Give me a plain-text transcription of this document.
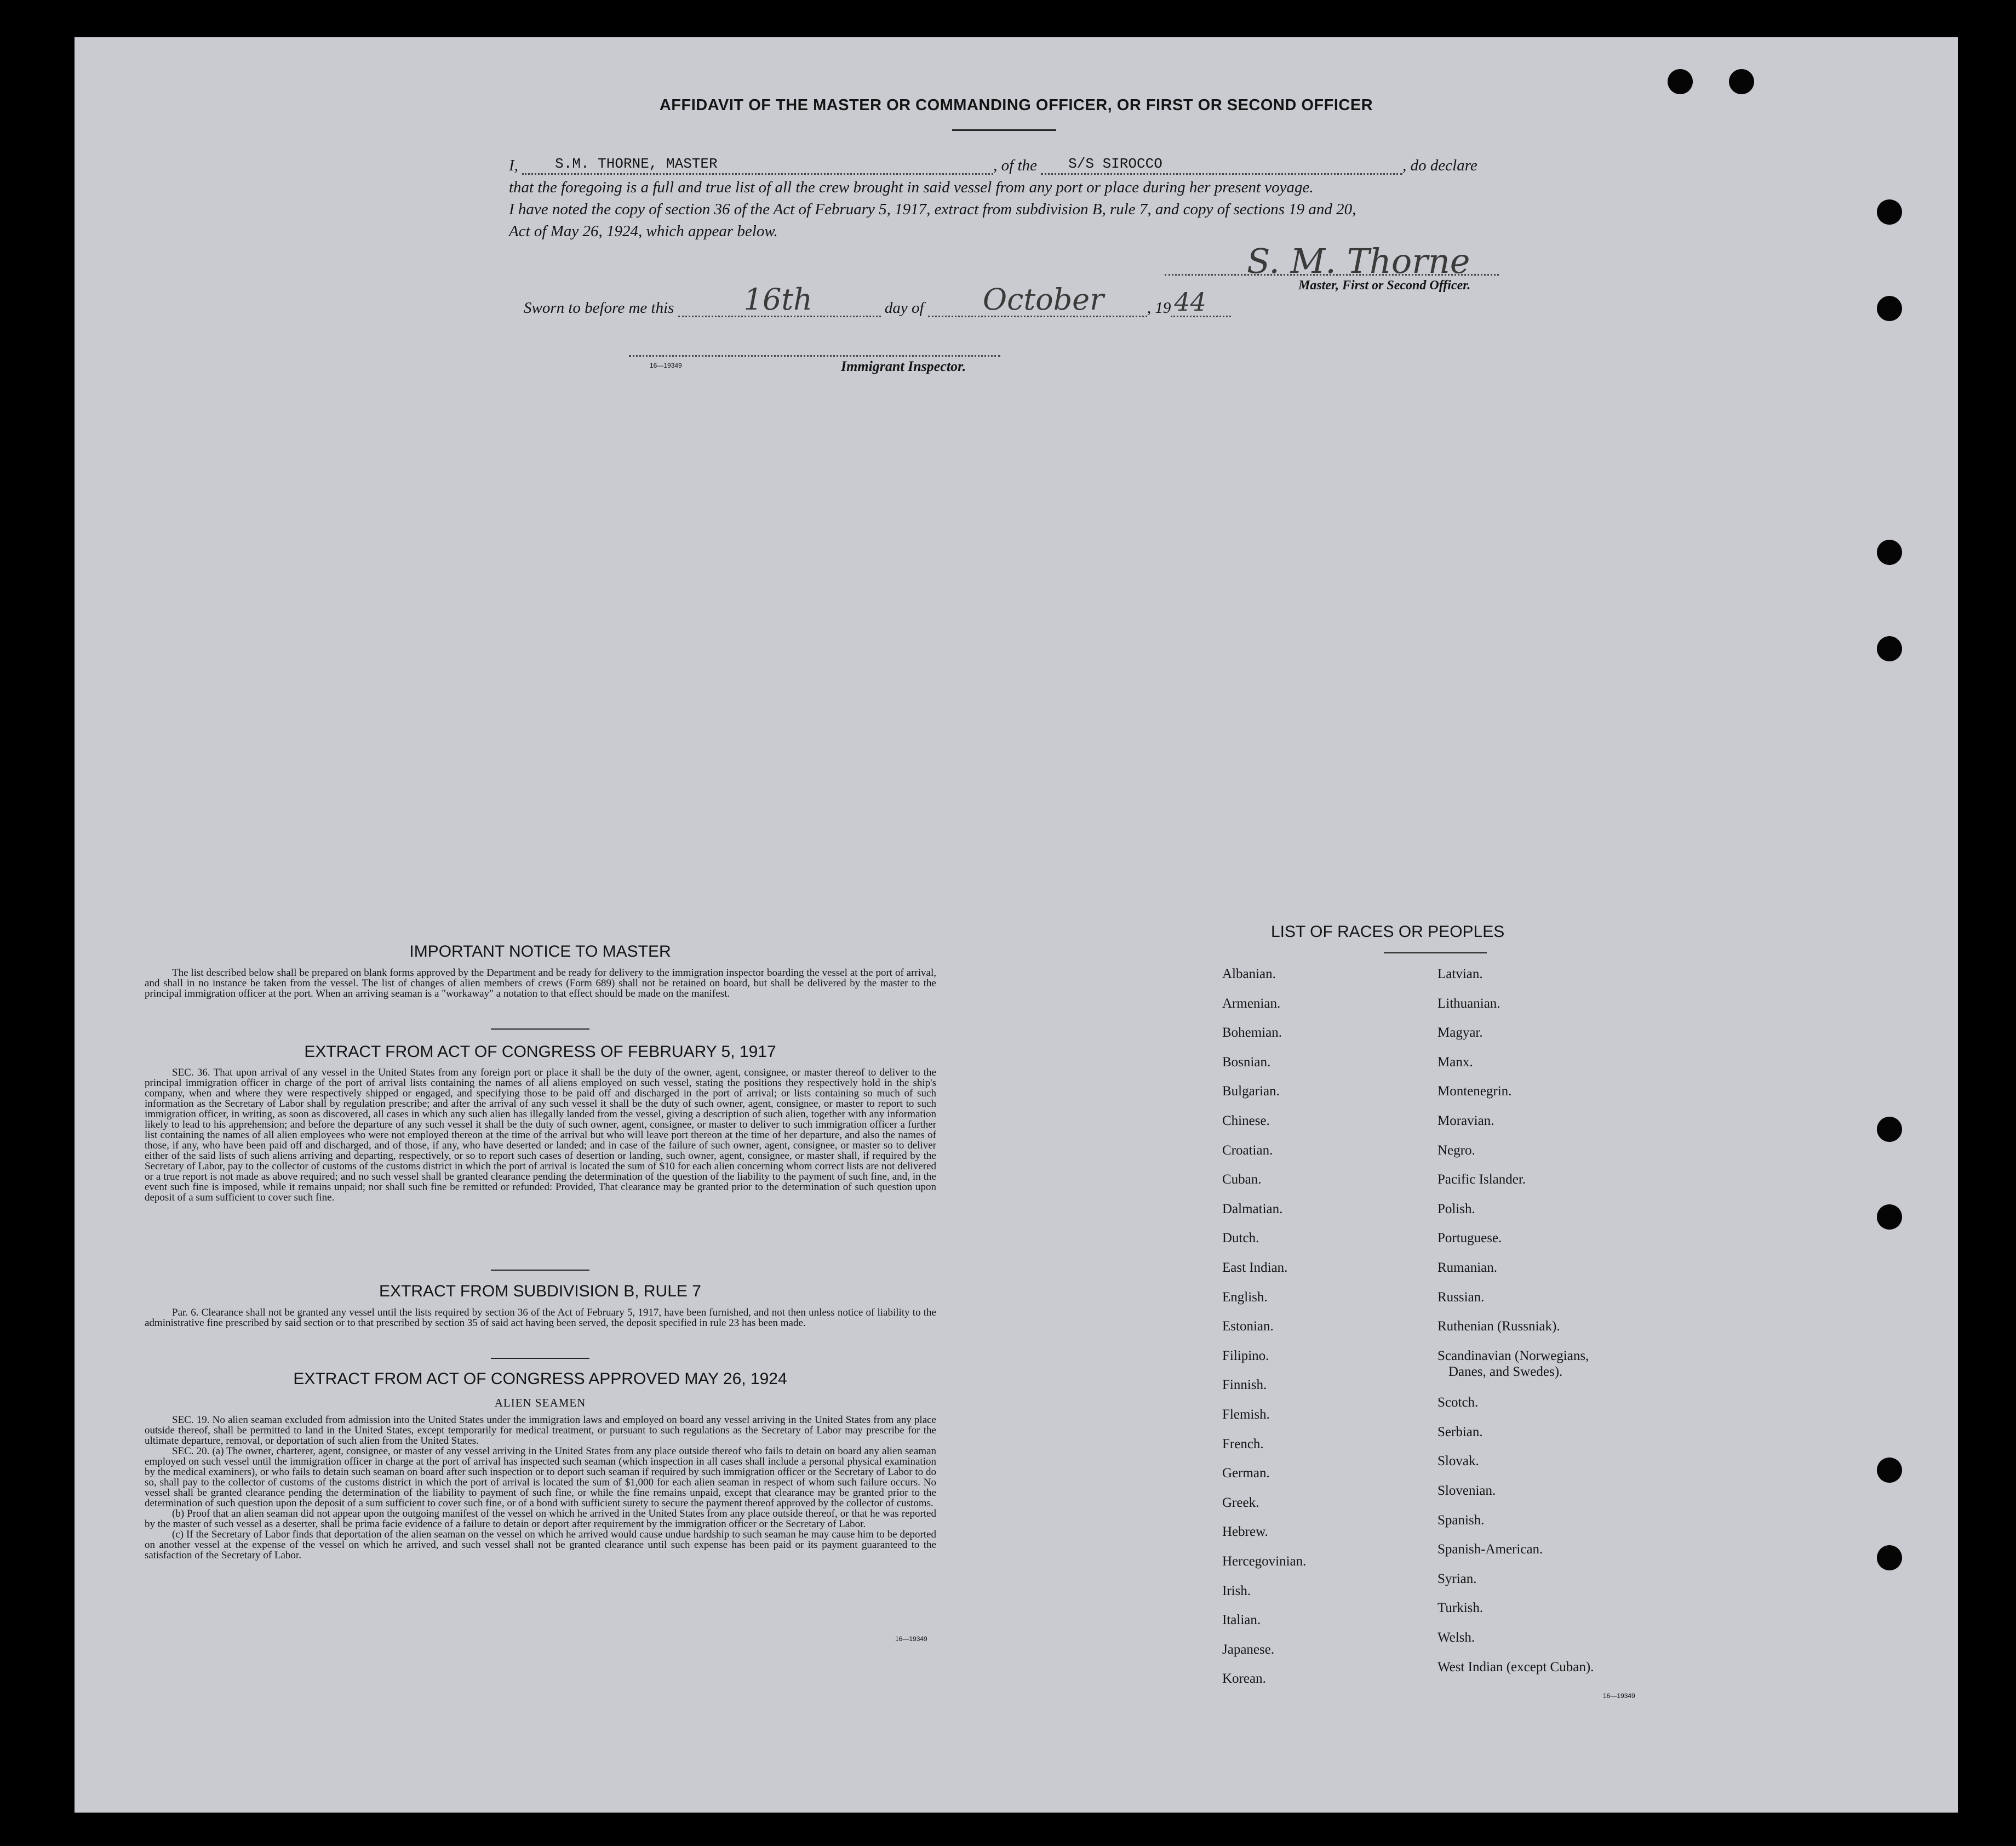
AFFIDAVIT OF THE MASTER OR COMMANDING OFFICER, OR FIRST OR SECOND OFFICER
I,	S.M. THORNE, MASTER	, of the S/S SIROCCO	, do declare
that the foregoing is a full and true list of all the crew brought in said vessel from any port or place during her present voyage.
I have noted the copy of section 36 of the Act of February 5, 1917, extract from subdivision B, rule 7, and copy of sections 19 and 20,
Act of May 26, 1924, which appear below.
S. M. Thorne
Master, First or Second Officer.
Sworn to before me this 16th	day of October	, 19 44
16—19349	Immigrant Inspector.
IMPORTANT NOTICE TO MASTER

The list described below shall be prepared on blank forms approved by the Department and be ready for delivery to the immigration inspector boarding the vessel at the port of arrival, and shall in no instance be taken from the vessel. The list of changes of alien members of crews (Form 689) shall not be retained on board, but shall be delivered by the master to the principal immigration officer at the port. When an arriving seaman is a "workaway" a notation to that effect should be made on the manifest.

EXTRACT FROM ACT OF CONGRESS OF FEBRUARY 5, 1917

SEC. 36. That upon arrival of any vessel in the United States from any foreign port or place it shall be the duty of the owner, agent, consignee, or master thereof to deliver to the principal immigration officer in charge of the port of arrival lists containing the names of all aliens employed on such vessel, stating the positions they respectively hold in the ship's company, when and where they were respectively shipped or engaged, and specifying those to be paid off and discharged in the port of arrival; or lists containing so much of such information as the Secretary of Labor shall by regulation prescribe; and after the arrival of any such vessel it shall be the duty of such owner, agent, consignee, or master to report to such immigration officer, in writing, as soon as discovered, all cases in which any such alien has illegally landed from the vessel, giving a description of such alien, together with any information likely to lead to his apprehension; and before the departure of any such vessel it shall be the duty of such owner, agent, consignee, or master to deliver to such immigration officer a further list containing the names of all alien employees who were not employed thereon at the time of the arrival but who will leave port thereon at the time of her departure, and also the names of those, if any, who have been paid off and discharged, and of those, if any, who have deserted or landed; and in case of the failure of such owner, agent, consignee, or master so to deliver either of the said lists of such aliens arriving and departing, respectively, or so to report such cases of desertion or landing, such owner, agent, consignee, or master shall, if required by the Secretary of Labor, pay to the collector of customs of the customs district in which the port of arrival is located the sum of $10 for each alien concerning whom correct lists are not delivered or a true report is not made as above required; and no such vessel shall be granted clearance pending the determination of the question of the liability to the payment of such fine, and, in the event such fine is imposed, while it remains unpaid; nor shall such fine be remitted or refunded: Provided, That clearance may be granted prior to the determination of such question upon deposit of a sum sufficient to cover such fine.

EXTRACT FROM SUBDIVISION B, RULE 7

Par. 6. Clearance shall not be granted any vessel until the lists required by section 36 of the Act of February 5, 1917, have been furnished, and not then unless notice of liability to the administrative fine prescribed by said section or to that prescribed by section 35 of said act having been served, the deposit specified in rule 23 has been made.

EXTRACT FROM ACT OF CONGRESS APPROVED MAY 26, 1924
ALIEN SEAMEN

SEC. 19. No alien seaman excluded from admission into the United States under the immigration laws and employed on board any vessel arriving in the United States from any place outside thereof, shall be permitted to land in the United States, except temporarily for medical treatment, or pursuant to such regulations as the Secretary of Labor may prescribe for the ultimate departure, removal, or deportation of such alien from the United States.

SEC. 20. (a) The owner, charterer, agent, consignee, or master of any vessel arriving in the United States from any place outside thereof who fails to detain on board any alien seaman employed on such vessel until the immigration officer in charge at the port of arrival has inspected such seaman (which inspection in all cases shall include a personal physical examination by the medical examiners), or who fails to detain such seaman on board after such inspection or to deport such seaman if required by such immigration officer or the Secretary of Labor to do so, shall pay to the collector of customs of the customs district in which the port of arrival is located the sum of $1,000 for each alien seaman in respect of whom such failure occurs. No vessel shall be granted clearance pending the determination of the liability to payment of such fine, or while the fine remains unpaid, except that clearance may be granted prior to the determination of such question upon the deposit of a sum sufficient to cover such fine, or of a bond with sufficient surety to secure the payment thereof approved by the collector of customs.

(b) Proof that an alien seaman did not appear upon the outgoing manifest of the vessel on which he arrived in the United States from any place outside thereof, or that he was reported by the master of such vessel as a deserter, shall be prima facie evidence of a failure to detain or deport after requirement by the immigration officer or the Secretary of Labor.

(c) If the Secretary of Labor finds that deportation of the alien seaman on the vessel on which he arrived would cause undue hardship to such seaman he may cause him to be deported on another vessel at the expense of the vessel on which he arrived, and such vessel shall not be granted clearance until such expense has been paid or its payment guaranteed to the satisfaction of the Secretary of Labor.

16—19349
LIST OF RACES OR PEOPLES
Albanian.
Armenian.
Bohemian.
Bosnian.
Bulgarian.
Chinese.
Croatian.
Cuban.
Dalmatian.
Dutch.
East Indian.
English.
Estonian.
Filipino.
Finnish.
Flemish.
French.
German.
Greek.
Hebrew.
Hercegovinian.
Irish.
Italian.
Japanese.
Korean.
Latvian.
Lithuanian.
Magyar.
Manx.
Montenegrin.
Moravian.
Negro.
Pacific Islander.
Polish.
Portuguese.
Rumanian.
Russian.
Ruthenian (Russniak).
Scandinavian (Norwegians,
Danes, and Swedes).
Scotch.
Serbian.
Slovak.
Slovenian.
Spanish.
Spanish-American.
Syrian.
Turkish.
Welsh.
West Indian (except Cuban).
16—19349
